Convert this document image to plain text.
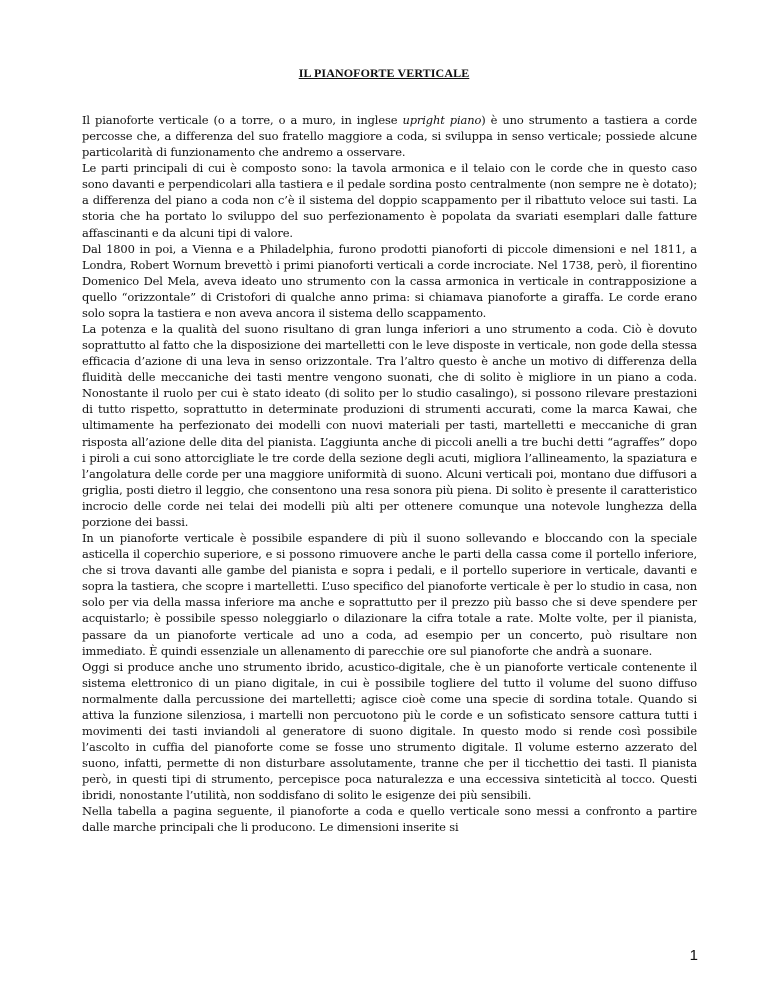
IL PIANOFORTE VERTICALE

Il pianoforte verticale (o a torre, o a muro, in inglese upright piano) è uno strumento a tastiera a corde percosse che, a differenza del suo fratello maggiore a coda, si sviluppa in senso verticale; possiede alcune particolarità di funzionamento che andremo a osservare.

Le parti principali di cui è composto sono: la tavola armonica e il telaio con le corde che in questo caso sono davanti e perpendicolari alla tastiera e il pedale sordina posto centralmente (non sempre ne è dotato); a differenza del piano a coda non c’è il sistema del doppio scappamento per il ribattuto veloce sui tasti. La storia che ha portato lo sviluppo del suo perfezionamento è popolata da svariati esemplari dalle fatture affascinanti e da alcuni tipi di valore.

Dal 1800 in poi, a Vienna e a Philadelphia, furono prodotti pianoforti di piccole dimensioni e nel 1811, a Londra, Robert Wornum brevettò i primi pianoforti verticali a corde incrociate. Nel 1738, però, il fiorentino Domenico Del Mela, aveva ideato uno strumento con la cassa armonica in verticale in contrapposizione a quello “orizzontale” di Cristofori di qualche anno prima: si chiamava pianoforte a giraffa. Le corde erano solo sopra la tastiera e non aveva ancora il sistema dello scappamento.

La potenza e la qualità del suono risultano di gran lunga inferiori a uno strumento a coda. Ciò è dovuto soprattutto al fatto che la disposizione dei martelletti con le leve disposte in verticale, non gode della stessa efficacia d’azione di una leva in senso orizzontale. Tra l’altro questo è anche un motivo di differenza della fluidità delle meccaniche dei tasti mentre vengono suonati, che di solito è migliore in un piano a coda. Nonostante il ruolo per cui è stato ideato (di solito per lo studio casalingo), si possono rilevare prestazioni di tutto rispetto, soprattutto in determinate produzioni di strumenti accurati, come la marca Kawai, che ultimamente ha perfezionato dei modelli con nuovi materiali per tasti, martelletti e meccaniche di gran risposta all’azione delle dita del pianista. L’aggiunta anche di piccoli anelli a tre buchi detti “agraffes” dopo i piroli a cui sono attorcigliate le tre corde della sezione degli acuti, migliora l’allineamento, la spaziatura e l’angolatura delle corde per una maggiore uniformità di suono. Alcuni verticali poi, montano due diffusori a griglia, posti dietro il leggio, che consentono una resa sonora più piena. Di solito è presente il caratteristico incrocio delle corde nei telai dei modelli più alti per ottenere comunque una notevole lunghezza della porzione dei bassi.

In un pianoforte verticale è possibile espandere di più il suono sollevando e bloccando con la speciale asticella il coperchio superiore, e si possono rimuovere anche le parti della cassa come il portello inferiore, che si trova davanti alle gambe del pianista e sopra i pedali, e il portello superiore in verticale, davanti e sopra la tastiera, che scopre i martelletti. L’uso specifico del pianoforte verticale è per lo studio in casa, non solo per via della massa inferiore ma anche e soprattutto per il prezzo più basso che si deve spendere per acquistarlo; è possibile spesso noleggiarlo o dilazionare la cifra totale a rate. Molte volte, per il pianista, passare da un pianoforte verticale ad uno a coda, ad esempio per un concerto, può risultare non immediato. È quindi essenziale un allenamento di parecchie ore sul pianoforte che andrà a suonare.

Oggi si produce anche uno strumento ibrido, acustico-digitale, che è un pianoforte verticale contenente il sistema elettronico di un piano digitale, in cui è possibile togliere del tutto il volume del suono diffuso normalmente dalla percussione dei martelletti; agisce cioè come una specie di sordina totale. Quando si attiva la funzione silenziosa, i martelli non percuotono più le corde e un sofisticato sensore cattura tutti i movimenti dei tasti inviandoli al generatore di suono digitale. In questo modo si rende così possibile l’ascolto in cuffia del pianoforte come se fosse uno strumento digitale. Il volume esterno azzerato del suono, infatti, permette di non disturbare assolutamente, tranne che per il ticchettio dei tasti. Il pianista però, in questi tipi di strumento, percepisce poca naturalezza e una eccessiva sinteticità al tocco. Questi ibridi, nonostante l’utilità, non soddisfano di solito le esigenze dei più sensibili.

Nella tabella a pagina seguente, il pianoforte a coda e quello verticale sono messi a confronto a partire dalle marche principali che li producono. Le dimensioni inserite si

1
